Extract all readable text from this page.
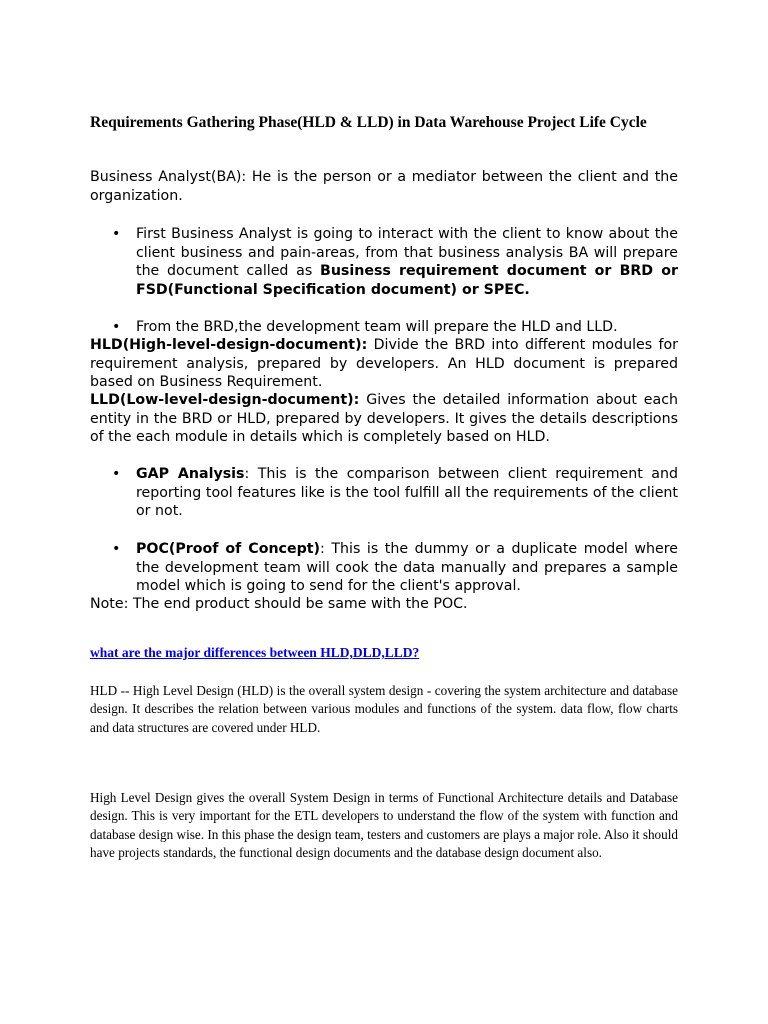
Requirements Gathering Phase(HLD & LLD) in Data Warehouse Project Life Cycle
Business Analyst(BA): He is the person or a mediator between the client and the organization.
•	First Business Analyst is going to interact with the client to know about the client business and pain-areas, from that business analysis BA will prepare the document called as Business requirement document or BRD or FSD(Functional Specification document) or SPEC.
•	From the BRD,the development team will prepare the HLD and LLD.
HLD(High-level-design-document): Divide the BRD into different modules for requirement analysis, prepared by developers. An HLD document is prepared based on Business Requirement.
LLD(Low-level-design-document): Gives the detailed information about each entity in the BRD or HLD, prepared by developers. It gives the details descriptions of the each module in details which is completely based on HLD.
•	GAP Analysis: This is the comparison between client requirement and reporting tool features like is the tool fulfill all the requirements of the client or not.
•	POC(Proof of Concept): This is the dummy or a duplicate model where the development team will cook the data manually and prepares a sample model which is going to send for the client's approval.
Note: The end product should be same with the POC.
what are the major differences between HLD,DLD,LLD?
HLD -- High Level Design (HLD) is the overall system design - covering the system architecture and database design. It describes the relation between various modules and functions of the system. data flow, flow charts and data structures are covered under HLD.
High Level Design gives the overall System Design in terms of Functional Architecture details and Database design. This is very important for the ETL developers to understand the flow of the system with function and database design wise. In this phase the design team, testers and customers are plays a major role. Also it should have projects standards, the functional design documents and the database design document also.
